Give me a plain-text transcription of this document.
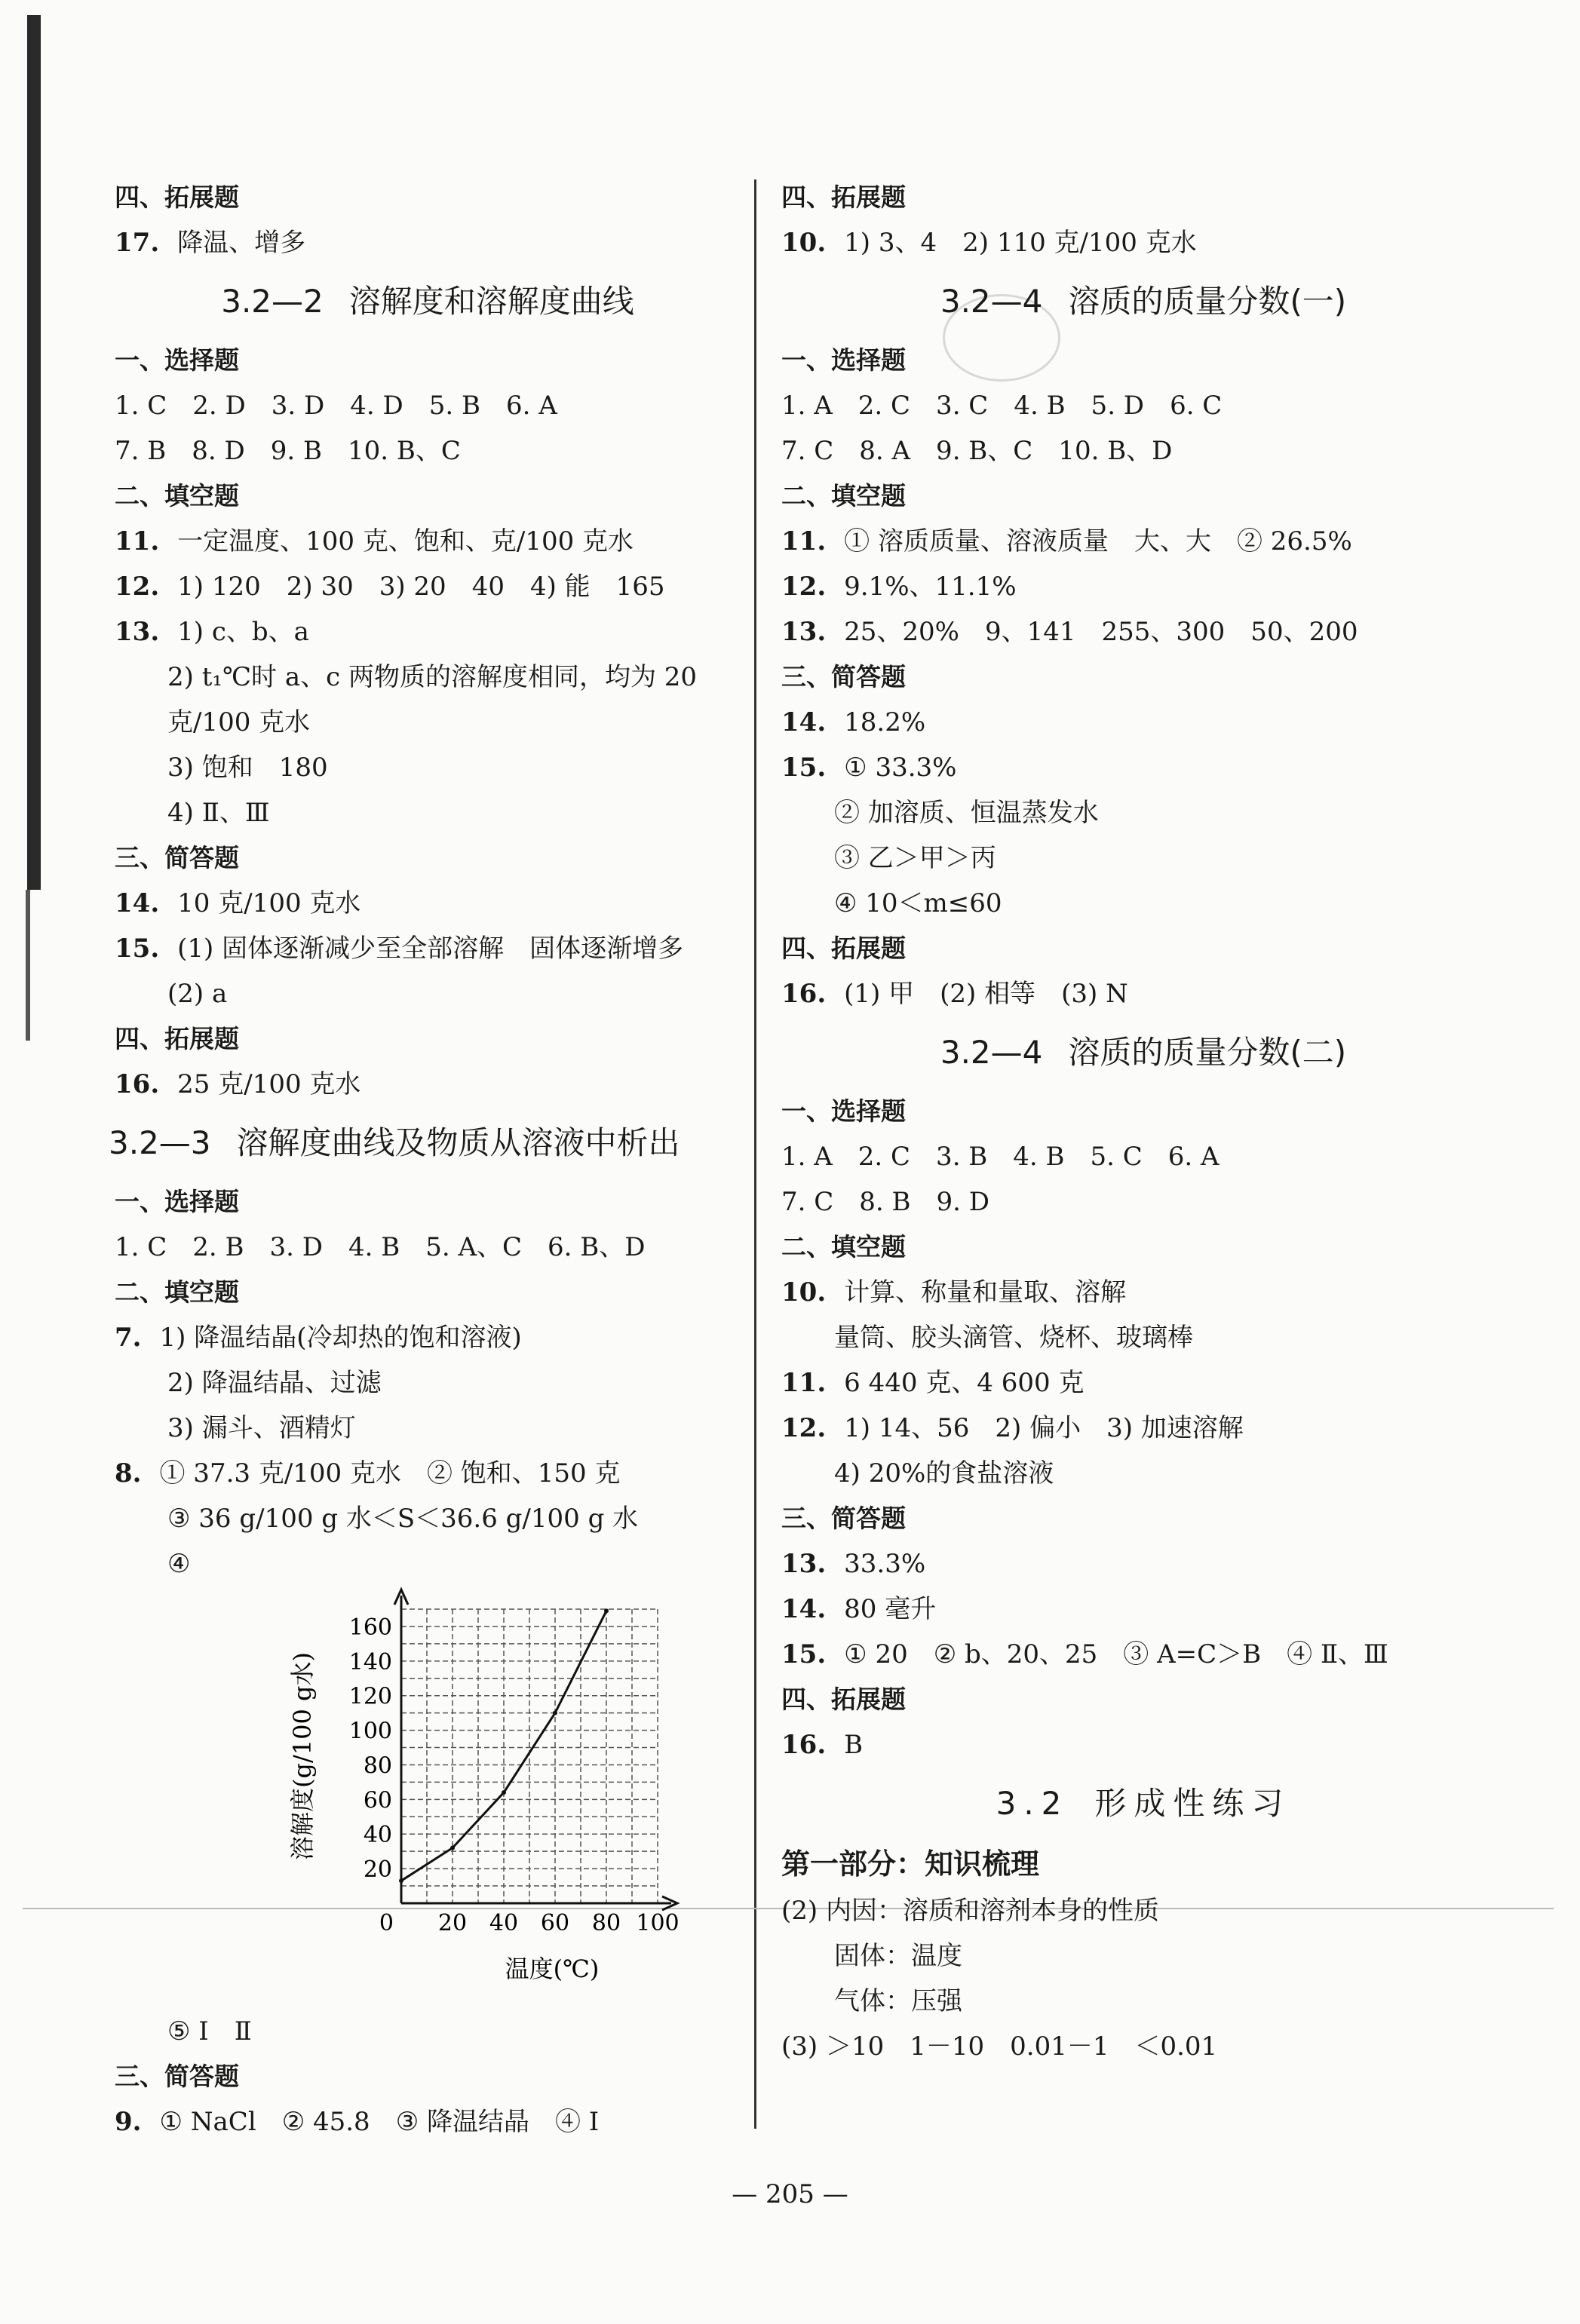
四、拓展题
17. 降温、增多
3.2—2 溶解度和溶解度曲线
一、选择题
1. C　2. D　3. D　4. D　5. B　6. A
7. B　8. D　9. B　10. B、C
二、填空题
11. 一定温度、100 克、饱和、克/100 克水
12. 1) 120　2) 30　3) 20　40　4) 能　165
13. 1) c、b、a
2) t₁℃时 a、c 两物质的溶解度相同，均为 20
克/100 克水
3) 饱和　180
4) Ⅱ、Ⅲ
三、简答题
14. 10 克/100 克水
15. (1) 固体逐渐减少至全部溶解　固体逐渐增多
(2) a
四、拓展题
16. 25 克/100 克水
3.2—3 溶解度曲线及物质从溶液中析出
一、选择题
1. C　2. B　3. D　4. B　5. A、C　6. B、D
二、填空题
7. 1) 降温结晶(冷却热的饱和溶液)
2) 降温结晶、过滤
3) 漏斗、酒精灯
8. ① 37.3 克/100 克水　② 饱和、150 克
③ 36 g/100 g 水＜S＜36.6 g/100 g 水
④
20
40
60
80
100
120
140
160
0 20 40 60 80 100
温度(℃)
溶解度(g/100 g水)
⑤ Ⅰ　Ⅱ
三、简答题
9. ① NaCl　② 45.8　③ 降温结晶　④ Ⅰ
四、拓展题
10. 1) 3、4　2) 110 克/100 克水
3.2—4 溶质的质量分数(一)
一、选择题
1. A　2. C　3. C　4. B　5. D　6. C
7. C　8. A　9. B、C　10. B、D
二、填空题
11. ① 溶质质量、溶液质量　大、大　② 26.5%
12. 9.1%、11.1%
13. 25、20%　9、141　255、300　50、200
三、简答题
14. 18.2%
15. ① 33.3%
② 加溶质、恒温蒸发水
③ 乙＞甲＞丙
④ 10＜m≤60
四、拓展题
16. (1) 甲　(2) 相等　(3) N
3.2—4 溶质的质量分数(二)
一、选择题
1. A　2. C　3. B　4. B　5. C　6. A
7. C　8. B　9. D
二、填空题
10. 计算、称量和量取、溶解
量筒、胶头滴管、烧杯、玻璃棒
11. 6 440 克、4 600 克
12. 1) 14、56　2) 偏小　3) 加速溶解
4) 20%的食盐溶液
三、简答题
13. 33.3%
14. 80 毫升
15. ① 20　② b、20、25　③ A=C＞B　④ Ⅱ、Ⅲ
四、拓展题
16. B
3.2 形成性练习
第一部分：知识梳理
(2) 内因：溶质和溶剂本身的性质
固体：温度
气体：压强
(3) ＞10　1－10　0.01－1　＜0.01
— 205 —
